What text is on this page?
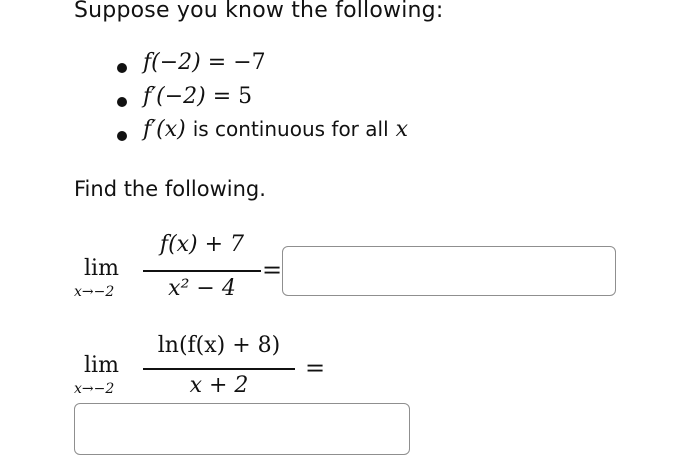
Suppose you know the following:
f(−2) = −7
f′(−2) = 5
f′(x) is continuous for all x
Find the following.
lim
x→−2
f(x) + 7
x² − 4
=
lim
x→−2
ln(f(x) + 8)
x + 2
=
